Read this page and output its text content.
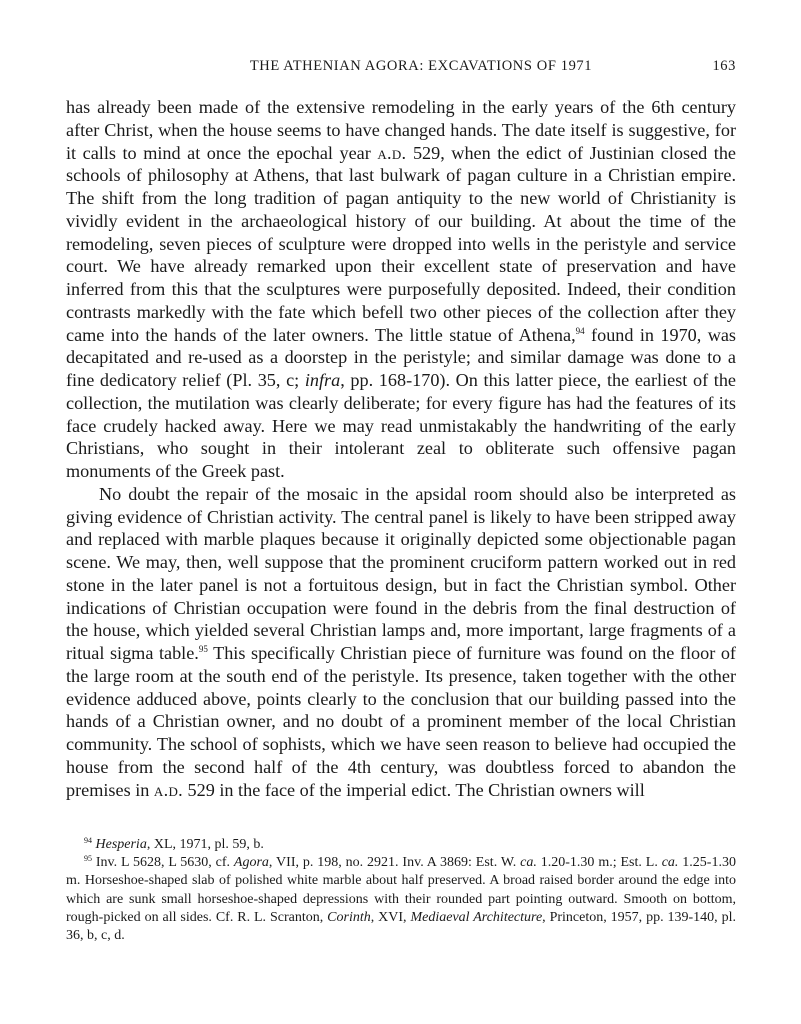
THE ATHENIAN AGORA: EXCAVATIONS OF 1971	163

has already been made of the extensive remodeling in the early years of the 6th century after Christ, when the house seems to have changed hands. The date itself is suggestive, for it calls to mind at once the epochal year a.d. 529, when the edict of Justinian closed the schools of philosophy at Athens, that last bulwark of pagan culture in a Christian empire. The shift from the long tradition of pagan antiquity to the new world of Christianity is vividly evident in the archaeological history of our building. At about the time of the remodeling, seven pieces of sculpture were dropped into wells in the peristyle and service court. We have already remarked upon their excellent state of preservation and have inferred from this that the sculptures were purposefully deposited. Indeed, their condition contrasts markedly with the fate which befell two other pieces of the collection after they came into the hands of the later owners. The little statue of Athena,$^{94}$ found in 1970, was decapitated and re-used as a doorstep in the peristyle; and similar damage was done to a fine dedicatory relief (Pl. 35, c; infra, pp. 168-170). On this latter piece, the earliest of the collection, the mutilation was clearly deliberate; for every figure has had the features of its face crudely hacked away. Here we may read unmistakably the handwriting of the early Christians, who sought in their intolerant zeal to obliterate such offensive pagan monuments of the Greek past.

No doubt the repair of the mosaic in the apsidal room should also be interpreted as giving evidence of Christian activity. The central panel is likely to have been stripped away and replaced with marble plaques because it originally depicted some objectionable pagan scene. We may, then, well suppose that the prominent cruciform pattern worked out in red stone in the later panel is not a fortuitous design, but in fact the Christian symbol. Other indications of Christian occupation were found in the debris from the final destruction of the house, which yielded several Christian lamps and, more important, large fragments of a ritual sigma table.$^{95}$ This specifically Christian piece of furniture was found on the floor of the large room at the south end of the peristyle. Its presence, taken together with the other evidence adduced above, points clearly to the conclusion that our building passed into the hands of a Christian owner, and no doubt of a prominent member of the local Christian community. The school of sophists, which we have seen reason to believe had occupied the house from the second half of the 4th century, was doubtless forced to abandon the premises in a.d. 529 in the face of the imperial edict. The Christian owners will

$^{94}$ Hesperia, XL, 1971, pl. 59, b.

$^{95}$ Inv. L 5628, L 5630, cf. Agora, VII, p. 198, no. 2921. Inv. A 3869: Est. W. ca. 1.20-1.30 m.; Est. L. ca. 1.25-1.30 m. Horseshoe-shaped slab of polished white marble about half preserved. A broad raised border around the edge into which are sunk small horseshoe-shaped depressions with their rounded part pointing outward. Smooth on bottom, rough-picked on all sides. Cf. R. L. Scranton, Corinth, XVI, Mediaeval Architecture, Princeton, 1957, pp. 139-140, pl. 36, b, c, d.
